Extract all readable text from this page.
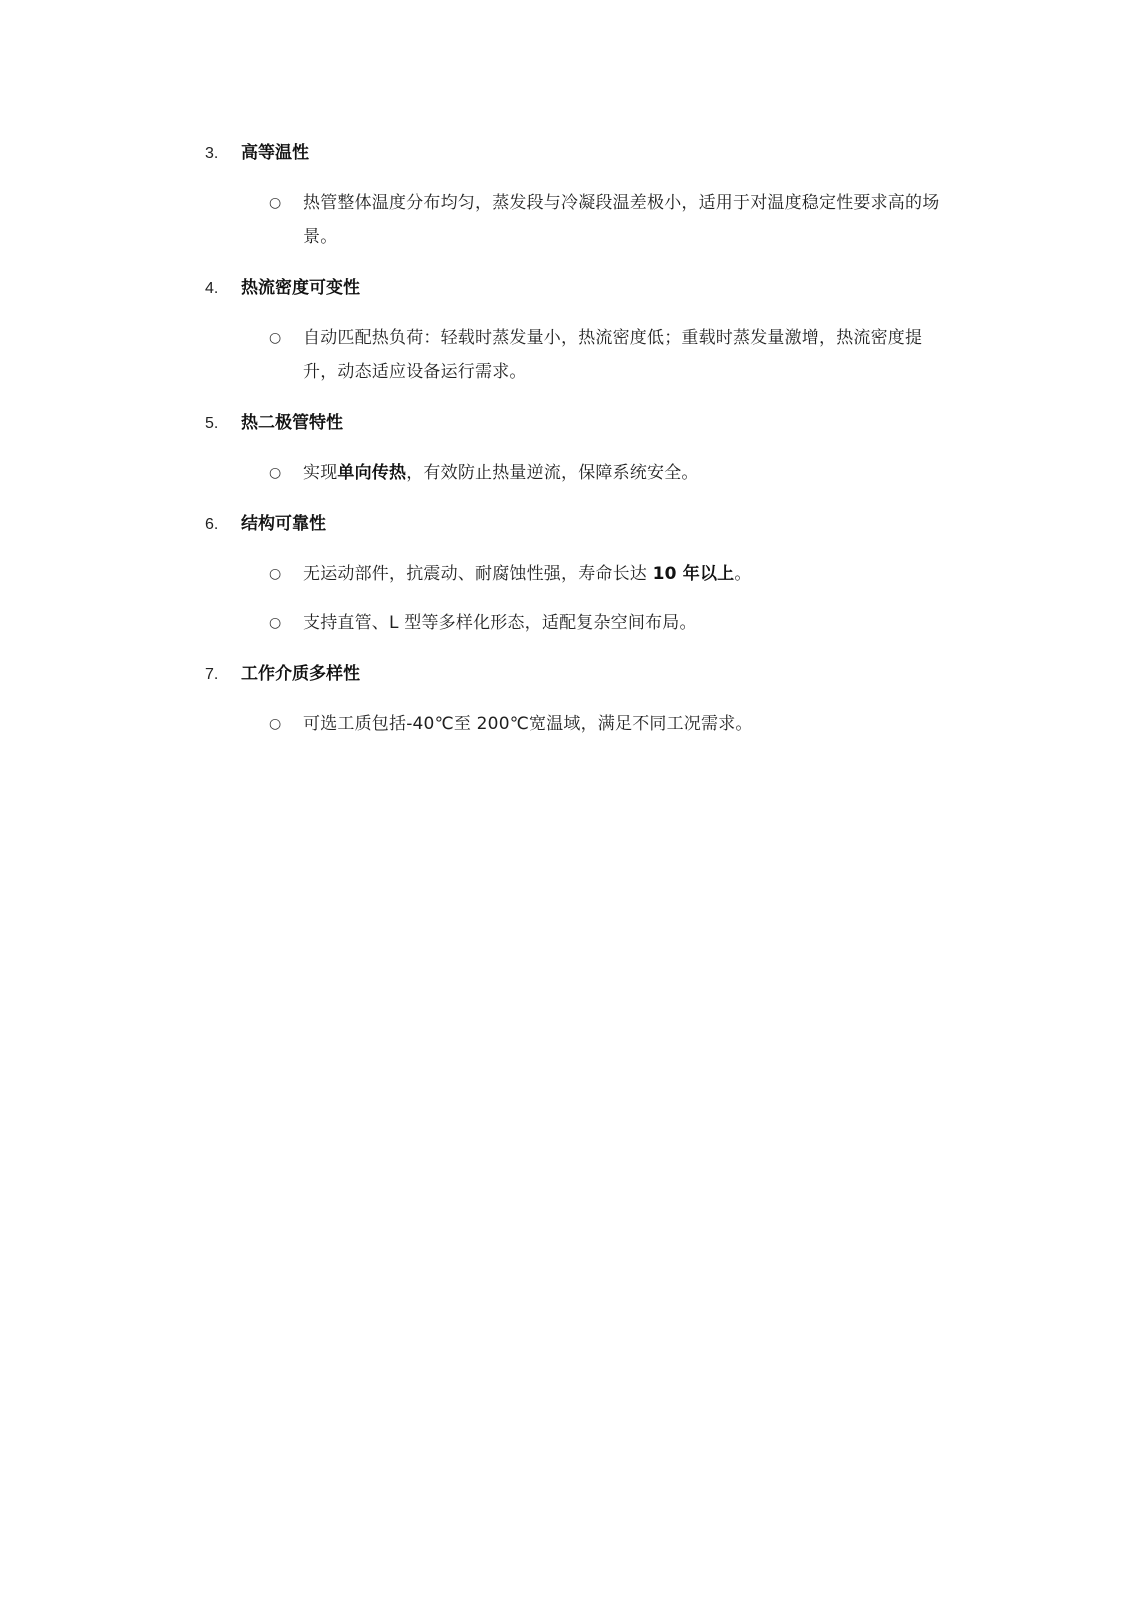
3.	高等温性
○	热管整体温度分布均匀，蒸发段与冷凝段温差极小，适用于对温度稳定性要求高的场景。
4.	热流密度可变性
○	自动匹配热负荷：轻载时蒸发量小，热流密度低；重载时蒸发量激增，热流密度提升，动态适应设备运行需求。
5.	热二极管特性
○	实现单向传热，有效防止热量逆流，保障系统安全。
6.	结构可靠性
○	无运动部件，抗震动、耐腐蚀性强，寿命长达 10 年以上。
○	支持直管、L 型等多样化形态，适配复杂空间布局。
7.	工作介质多样性
○	可选工质包括-40℃至 200℃宽温域，满足不同工况需求。
